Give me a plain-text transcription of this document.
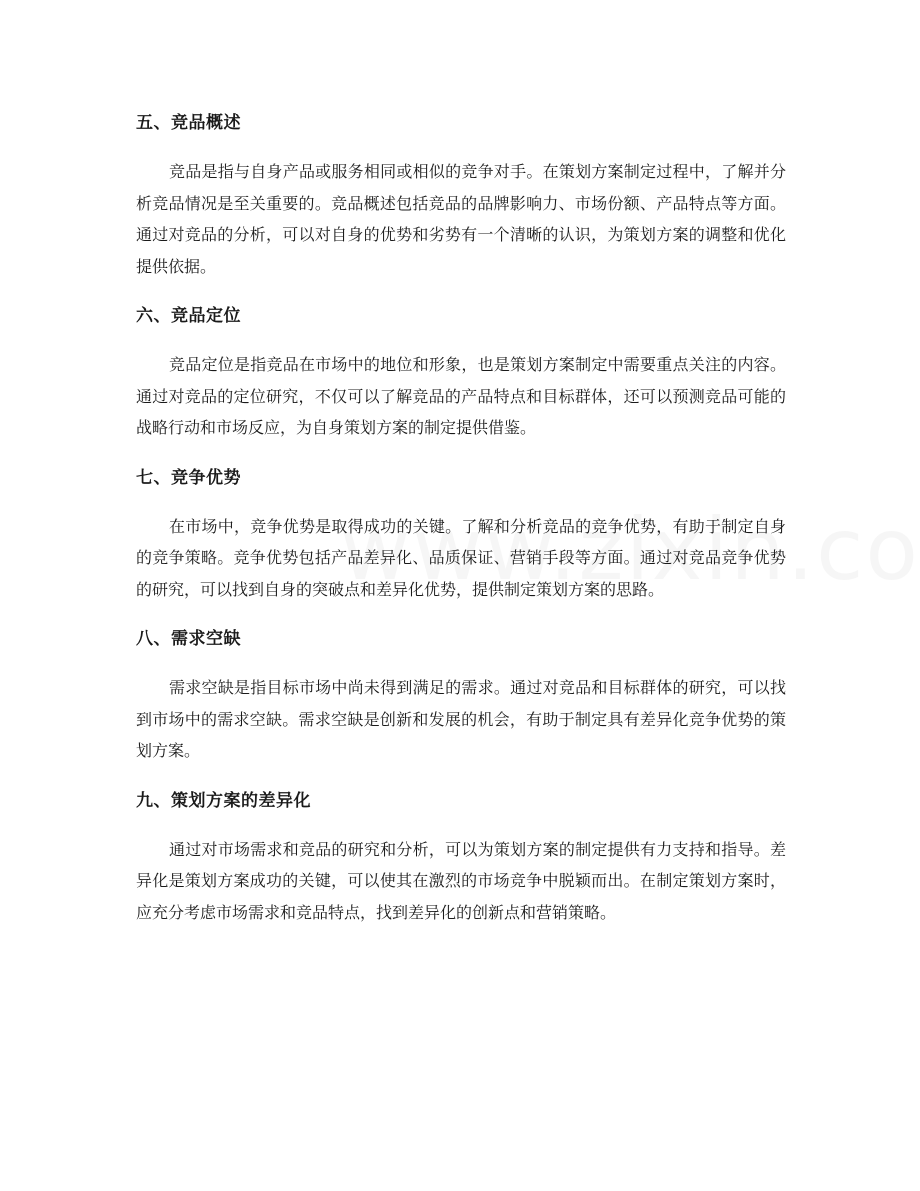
五、竞品概述

竞品是指与自身产品或服务相同或相似的竞争对手。在策划方案制定过程中，了解并分析竞品情况是至关重要的。竞品概述包括竞品的品牌影响力、市场份额、产品特点等方面。通过对竞品的分析，可以对自身的优势和劣势有一个清晰的认识，为策划方案的调整和优化提供依据。

六、竞品定位

竞品定位是指竞品在市场中的地位和形象，也是策划方案制定中需要重点关注的内容。通过对竞品的定位研究，不仅可以了解竞品的产品特点和目标群体，还可以预测竞品可能的战略行动和市场反应，为自身策划方案的制定提供借鉴。

七、竞争优势

在市场中，竞争优势是取得成功的关键。了解和分析竞品的竞争优势，有助于制定自身的竞争策略。竞争优势包括产品差异化、品质保证、营销手段等方面。通过对竞品竞争优势的研究，可以找到自身的突破点和差异化优势，提供制定策划方案的思路。

八、需求空缺

需求空缺是指目标市场中尚未得到满足的需求。通过对竞品和目标群体的研究，可以找到市场中的需求空缺。需求空缺是创新和发展的机会，有助于制定具有差异化竞争优势的策划方案。

九、策划方案的差异化

通过对市场需求和竞品的研究和分析，可以为策划方案的制定提供有力支持和指导。差异化是策划方案成功的关键，可以使其在激烈的市场竞争中脱颖而出。在制定策划方案时，应充分考虑市场需求和竞品特点，找到差异化的创新点和营销策略。
